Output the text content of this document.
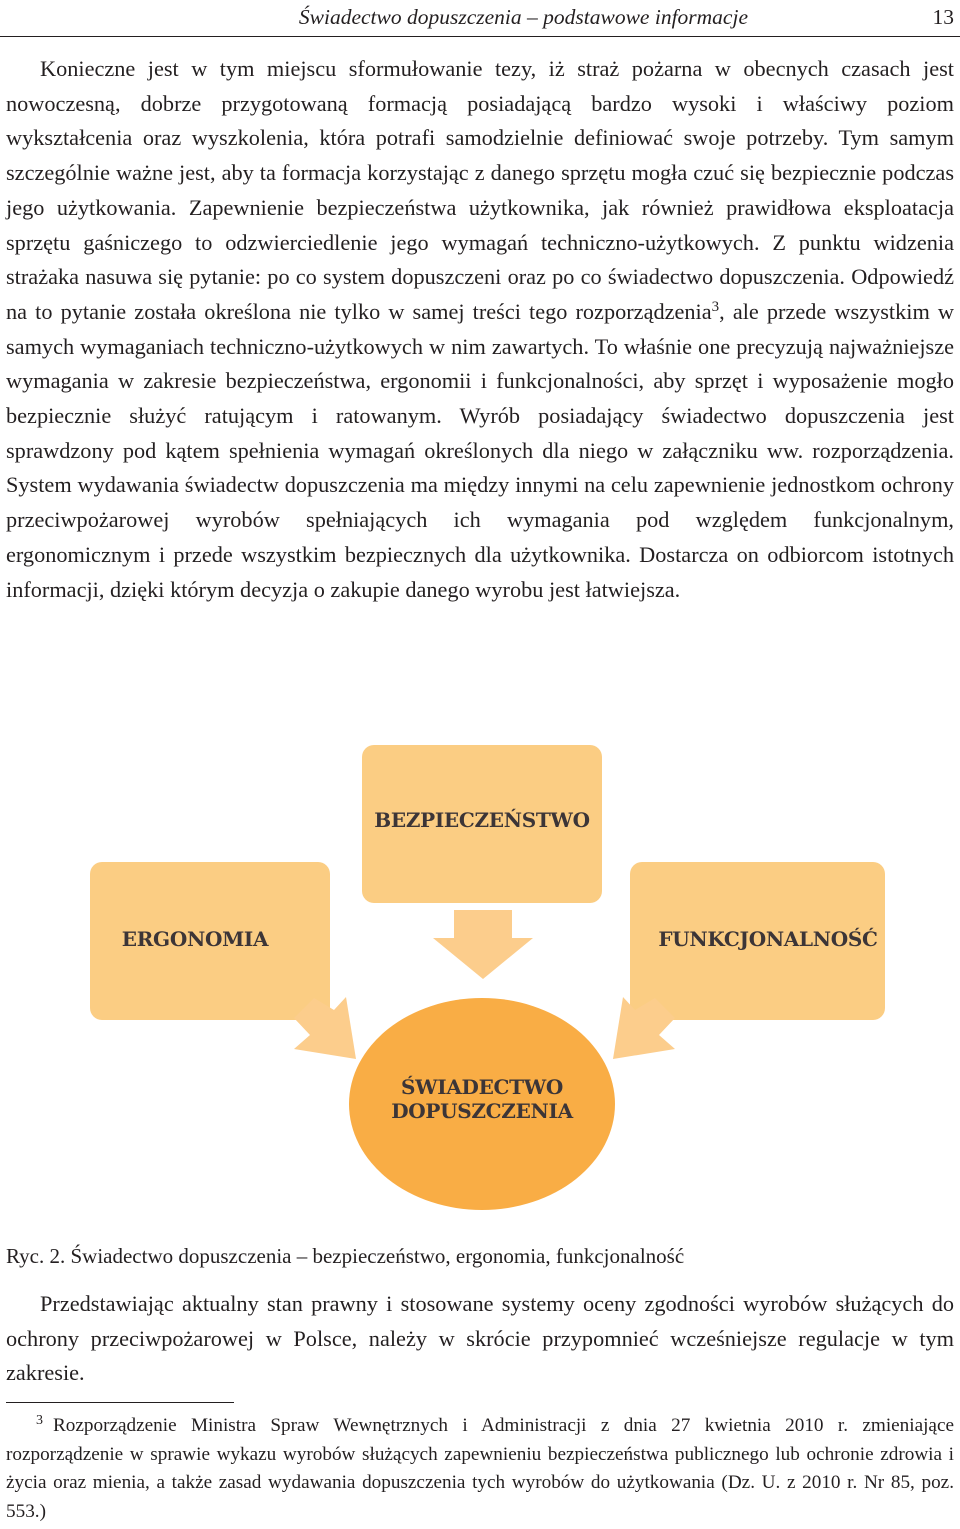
Świadectwo dopuszczenia – podstawowe informacje	13
Konieczne jest w tym miejscu sformułowanie tezy, iż straż pożarna w obecnych czasach jest nowoczesną, dobrze przygotowaną formacją posiadającą bardzo wysoki i właściwy poziom wykształcenia oraz wyszkolenia, która potrafi samodzielnie definiować swoje potrzeby. Tym samym szczególnie ważne jest, aby ta formacja korzystając z danego sprzętu mogła czuć się bezpiecznie podczas jego użytkowania. Zapewnienie bezpieczeństwa użytkownika, jak również prawidłowa eksploatacja sprzętu gaśniczego to odzwierciedlenie jego wymagań techniczno-użytkowych. Z punktu widzenia strażaka nasuwa się pytanie: po co system dopuszczeni oraz po co świadectwo dopuszczenia. Odpowiedź na to pytanie została określona nie tylko w samej treści tego rozporządzenia$^3$, ale przede wszystkim w samych wymaganiach techniczno-użytkowych w nim zawartych. To właśnie one precyzują najważniejsze wymagania w zakresie bezpieczeństwa, ergonomii i funkcjonalności, aby sprzęt i wyposażenie mogło bezpiecznie służyć ratującym i ratowanym. Wyrób posiadający świadectwo dopuszczenia jest sprawdzony pod kątem spełnienia wymagań określonych dla niego w załączniku ww. rozporządzenia. System wydawania świadectw dopuszczenia ma między innymi na celu zapewnienie jednostkom ochrony przeciwpożarowej wyrobów spełniających ich wymagania pod względem funkcjonalnym, ergonomicznym i przede wszystkim bezpiecznych dla użytkownika. Dostarcza on odbiorcom istotnych informacji, dzięki którym decyzja o zakupie danego wyrobu jest łatwiejsza.
BEZPIECZEŃSTWO
ERGONOMIA	FUNKCJONALNOŚĆ
ŚWIADECTWO
DOPUSZCZENIA
Ryc. 2. Świadectwo dopuszczenia – bezpieczeństwo, ergonomia, funkcjonalność
Przedstawiając aktualny stan prawny i stosowane systemy oceny zgodności wyrobów służących do ochrony przeciwpożarowej w Polsce, należy w skrócie przypomnieć wcześniejsze regulacje w tym zakresie.
$^3$ Rozporządzenie Ministra Spraw Wewnętrznych i Administracji z dnia 27 kwietnia 2010 r. zmieniające rozporządzenie w sprawie wykazu wyrobów służących zapewnieniu bezpieczeństwa publicznego lub ochronie zdrowia i życia oraz mienia, a także zasad wydawania dopuszczenia tych wyrobów do użytkowania (Dz. U. z 2010 r. Nr 85, poz. 553.)
